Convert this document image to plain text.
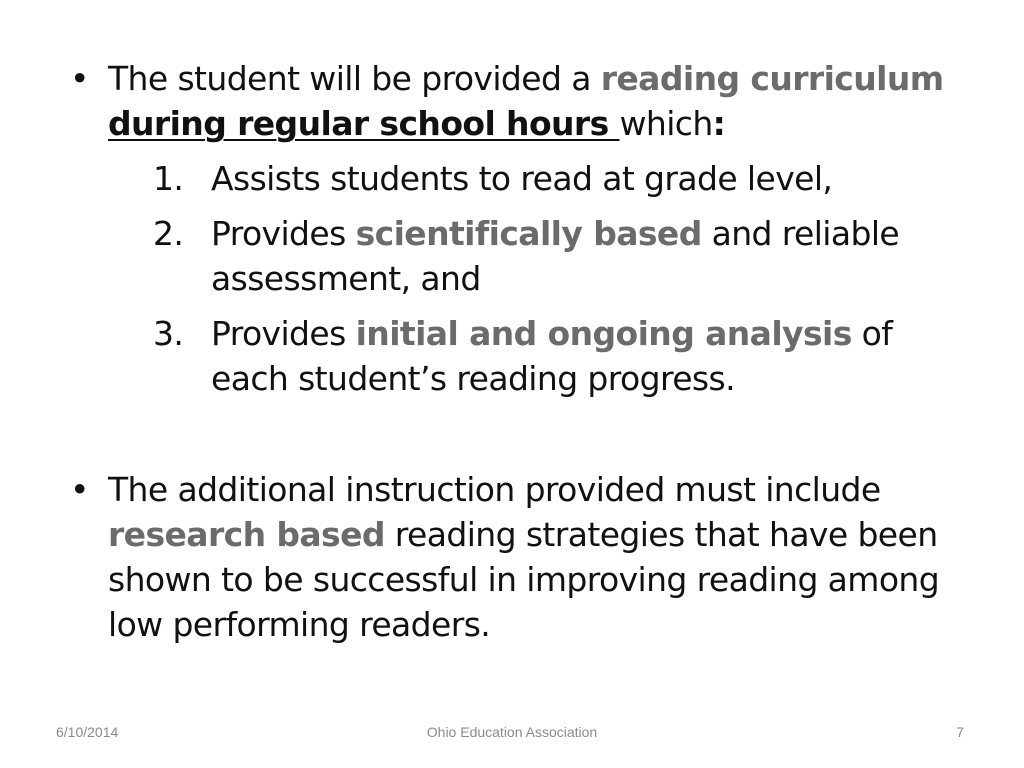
• The student will be provided a reading curriculum during regular school hours which:
1. Assists students to read at grade level,
2. Provides scientifically based and reliable assessment, and
3. Provides initial and ongoing analysis of each student’s reading progress.
• The additional instruction provided must include research based reading strategies that have been shown to be successful in improving reading among low performing readers.
6/10/2014	Ohio Education Association	7
